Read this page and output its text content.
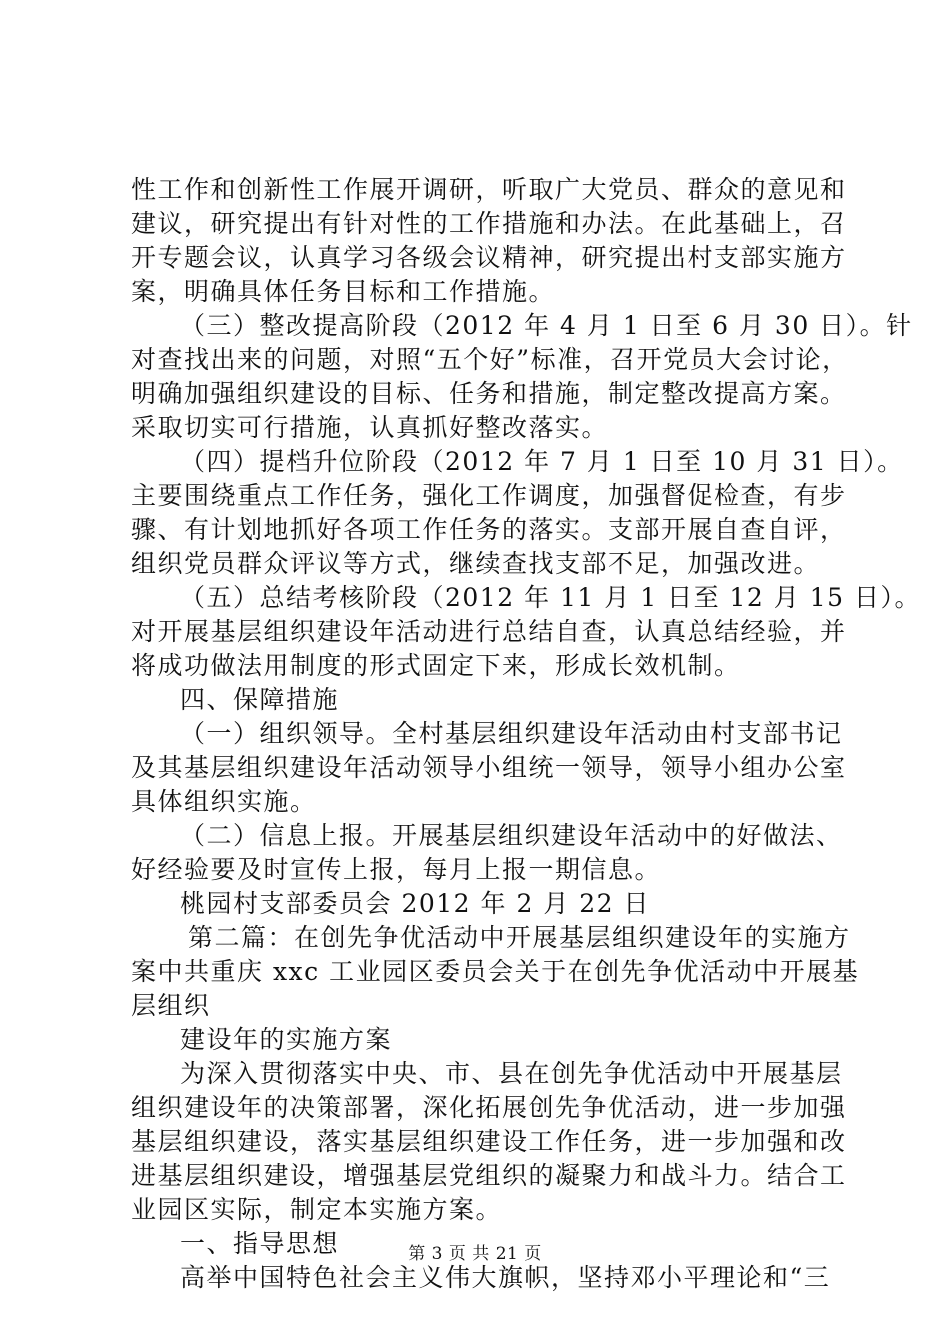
性工作和创新性工作展开调研，听取广大党员、群众的意见和
建议，研究提出有针对性的工作措施和办法。在此基础上，召
开专题会议，认真学习各级会议精神，研究提出村支部实施方
案，明确具体任务目标和工作措施。
（三）整改提高阶段（2012 年 4 月 1 日至 6 月 30 日）。针
对查找出来的问题，对照“五个好”标准，召开党员大会讨论，
明确加强组织建设的目标、任务和措施，制定整改提高方案。
采取切实可行措施，认真抓好整改落实。
（四）提档升位阶段（2012 年 7 月 1 日至 10 月 31 日）。
主要围绕重点工作任务，强化工作调度，加强督促检查，有步
骤、有计划地抓好各项工作任务的落实。支部开展自查自评，
组织党员群众评议等方式，继续查找支部不足，加强改进。
（五）总结考核阶段（2012 年 11 月 1 日至 12 月 15 日）。
对开展基层组织建设年活动进行总结自查，认真总结经验，并
将成功做法用制度的形式固定下来，形成长效机制。
四、保障措施
（一）组织领导。全村基层组织建设年活动由村支部书记
及其基层组织建设年活动领导小组统一领导，领导小组办公室
具体组织实施。
（二）信息上报。开展基层组织建设年活动中的好做法、
好经验要及时宣传上报，每月上报一期信息。
桃园村支部委员会 2012 年 2 月 22 日
第二篇：在创先争优活动中开展基层组织建设年的实施方
案中共重庆 xxc 工业园区委员会关于在创先争优活动中开展基
层组织
建设年的实施方案
为深入贯彻落实中央、市、县在创先争优活动中开展基层
组织建设年的决策部署，深化拓展创先争优活动，进一步加强
基层组织建设，落实基层组织建设工作任务，进一步加强和改
进基层组织建设，增强基层党组织的凝聚力和战斗力。结合工
业园区实际，制定本实施方案。
一、指导思想
高举中国特色社会主义伟大旗帜，坚持邓小平理论和“三
第 3 页 共 21 页
